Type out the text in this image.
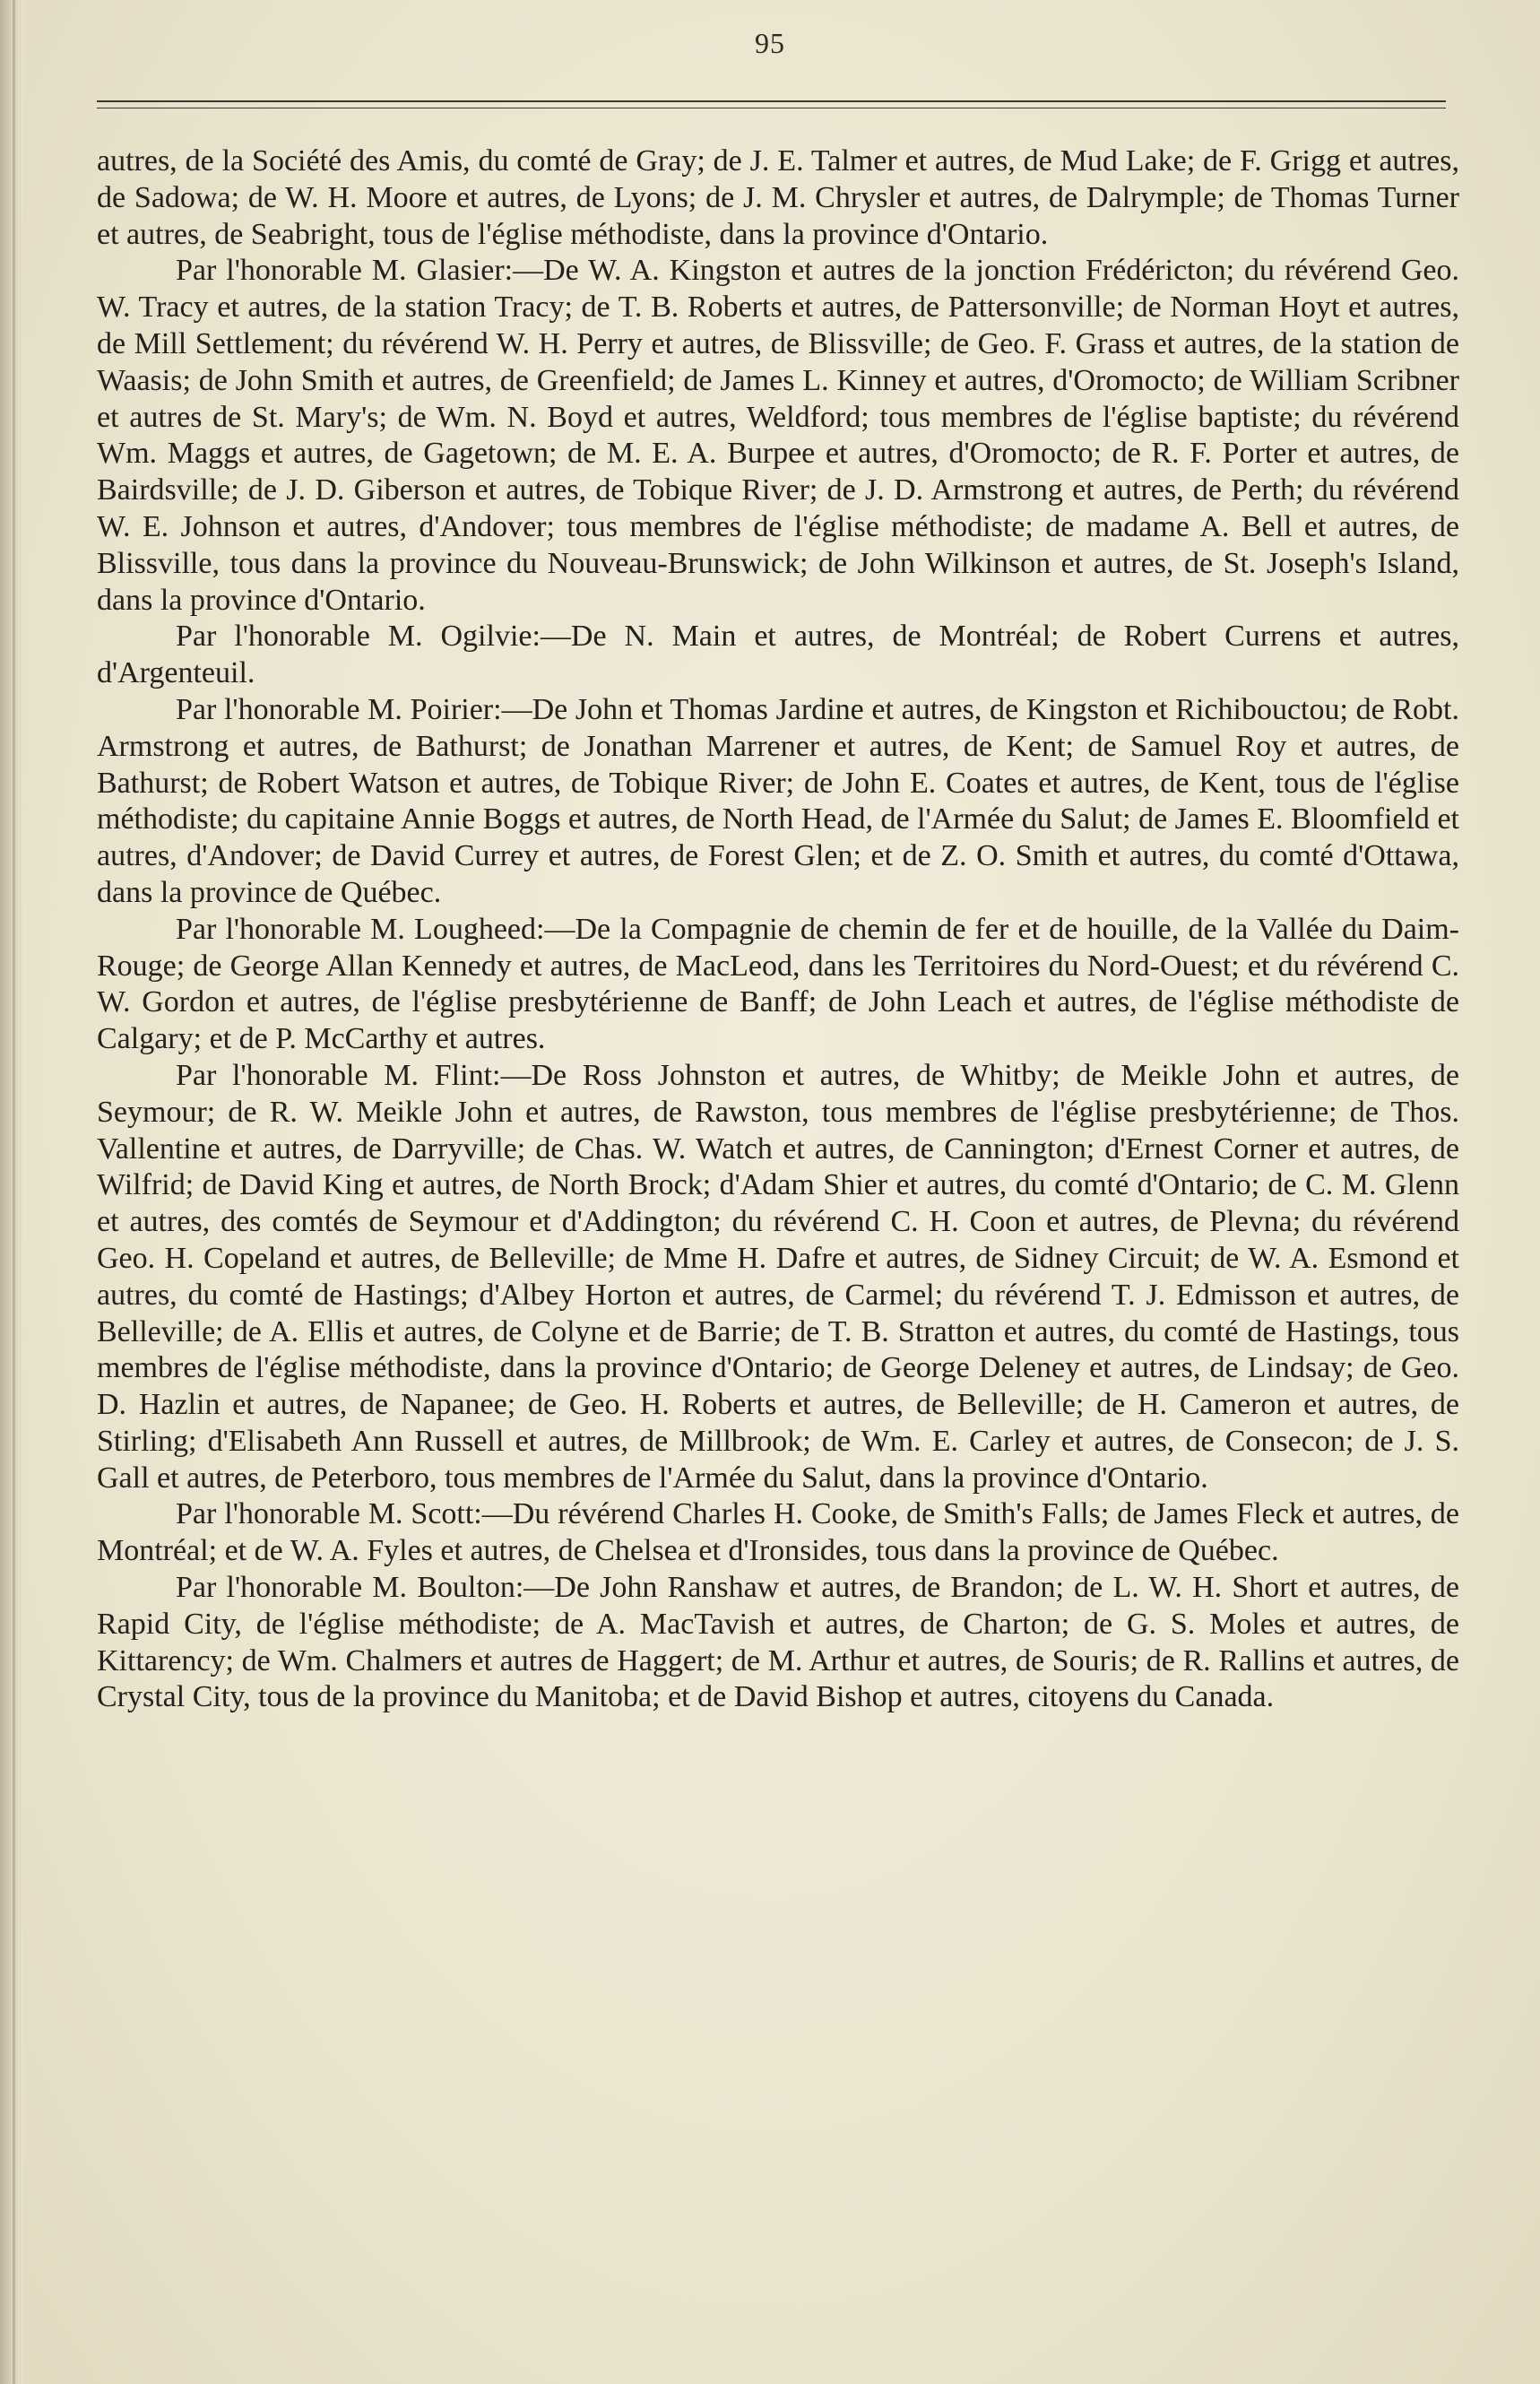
95

autres, de la Société des Amis, du comté de Gray; de J. E. Talmer et autres, de Mud Lake; de F. Grigg et autres, de Sadowa; de W. H. Moore et autres, de Lyons; de J. M. Chrysler et autres, de Dalrymple; de Thomas Turner et autres, de Seabright, tous de l'église méthodiste, dans la province d'Ontario.

Par l'honorable M. Glasier:—De W. A. Kingston et autres de la jonction Frédéricton; du révérend Geo. W. Tracy et autres, de la station Tracy; de T. B. Roberts et autres, de Pattersonville; de Norman Hoyt et autres, de Mill Settlement; du révérend W. H. Perry et autres, de Blissville; de Geo. F. Grass et autres, de la station de Waasis; de John Smith et autres, de Greenfield; de James L. Kinney et autres, d'Oromocto; de William Scribner et autres de St. Mary's; de Wm. N. Boyd et autres, Weldford; tous membres de l'église baptiste; du révérend Wm. Maggs et autres, de Gagetown; de M. E. A. Burpee et autres, d'Oromocto; de R. F. Porter et autres, de Bairdsville; de J. D. Giberson et autres, de Tobique River; de J. D. Armstrong et autres, de Perth; du révérend W. E. Johnson et autres, d'Andover; tous membres de l'église méthodiste; de madame A. Bell et autres, de Blissville, tous dans la province du Nouveau-Brunswick; de John Wilkinson et autres, de St. Joseph's Island, dans la province d'Ontario.

Par l'honorable M. Ogilvie:—De N. Main et autres, de Montréal; de Robert Currens et autres, d'Argenteuil.

Par l'honorable M. Poirier:—De John et Thomas Jardine et autres, de Kingston et Richibouctou; de Robt. Armstrong et autres, de Bathurst; de Jonathan Marrener et autres, de Kent; de Samuel Roy et autres, de Bathurst; de Robert Watson et autres, de Tobique River; de John E. Coates et autres, de Kent, tous de l'église méthodiste; du capitaine Annie Boggs et autres, de North Head, de l'Armée du Salut; de James E. Bloomfield et autres, d'Andover; de David Currey et autres, de Forest Glen; et de Z. O. Smith et autres, du comté d'Ottawa, dans la province de Québec.

Par l'honorable M. Lougheed:—De la Compagnie de chemin de fer et de houille, de la Vallée du Daim-Rouge; de George Allan Kennedy et autres, de MacLeod, dans les Territoires du Nord-Ouest; et du révérend C. W. Gordon et autres, de l'église presbytérienne de Banff; de John Leach et autres, de l'église méthodiste de Calgary; et de P. McCarthy et autres.

Par l'honorable M. Flint:—De Ross Johnston et autres, de Whitby; de Meikle John et autres, de Seymour; de R. W. Meikle John et autres, de Rawston, tous membres de l'église presbytérienne; de Thos. Vallentine et autres, de Darryville; de Chas. W. Watch et autres, de Cannington; d'Ernest Corner et autres, de Wilfrid; de David King et autres, de North Brock; d'Adam Shier et autres, du comté d'Ontario; de C. M. Glenn et autres, des comtés de Seymour et d'Addington; du révérend C. H. Coon et autres, de Plevna; du révérend Geo. H. Copeland et autres, de Belleville; de Mme H. Dafre et autres, de Sidney Circuit; de W. A. Esmond et autres, du comté de Hastings; d'Albey Horton et autres, de Carmel; du révérend T. J. Edmisson et autres, de Belleville; de A. Ellis et autres, de Colyne et de Barrie; de T. B. Stratton et autres, du comté de Hastings, tous membres de l'église méthodiste, dans la province d'Ontario; de George Deleney et autres, de Lindsay; de Geo. D. Hazlin et autres, de Napanee; de Geo. H. Roberts et autres, de Belleville; de H. Cameron et autres, de Stirling; d'Elisabeth Ann Russell et autres, de Millbrook; de Wm. E. Carley et autres, de Consecon; de J. S. Gall et autres, de Peterboro, tous membres de l'Armée du Salut, dans la province d'Ontario.

Par l'honorable M. Scott:—Du révérend Charles H. Cooke, de Smith's Falls; de James Fleck et autres, de Montréal; et de W. A. Fyles et autres, de Chelsea et d'Ironsides, tous dans la province de Québec.

Par l'honorable M. Boulton:—De John Ranshaw et autres, de Brandon; de L. W. H. Short et autres, de Rapid City, de l'église méthodiste; de A. MacTavish et autres, de Charton; de G. S. Moles et autres, de Kittarency; de Wm. Chalmers et autres de Haggert; de M. Arthur et autres, de Souris; de R. Rallins et autres, de Crystal City, tous de la province du Manitoba; et de David Bishop et autres, citoyens du Canada.
